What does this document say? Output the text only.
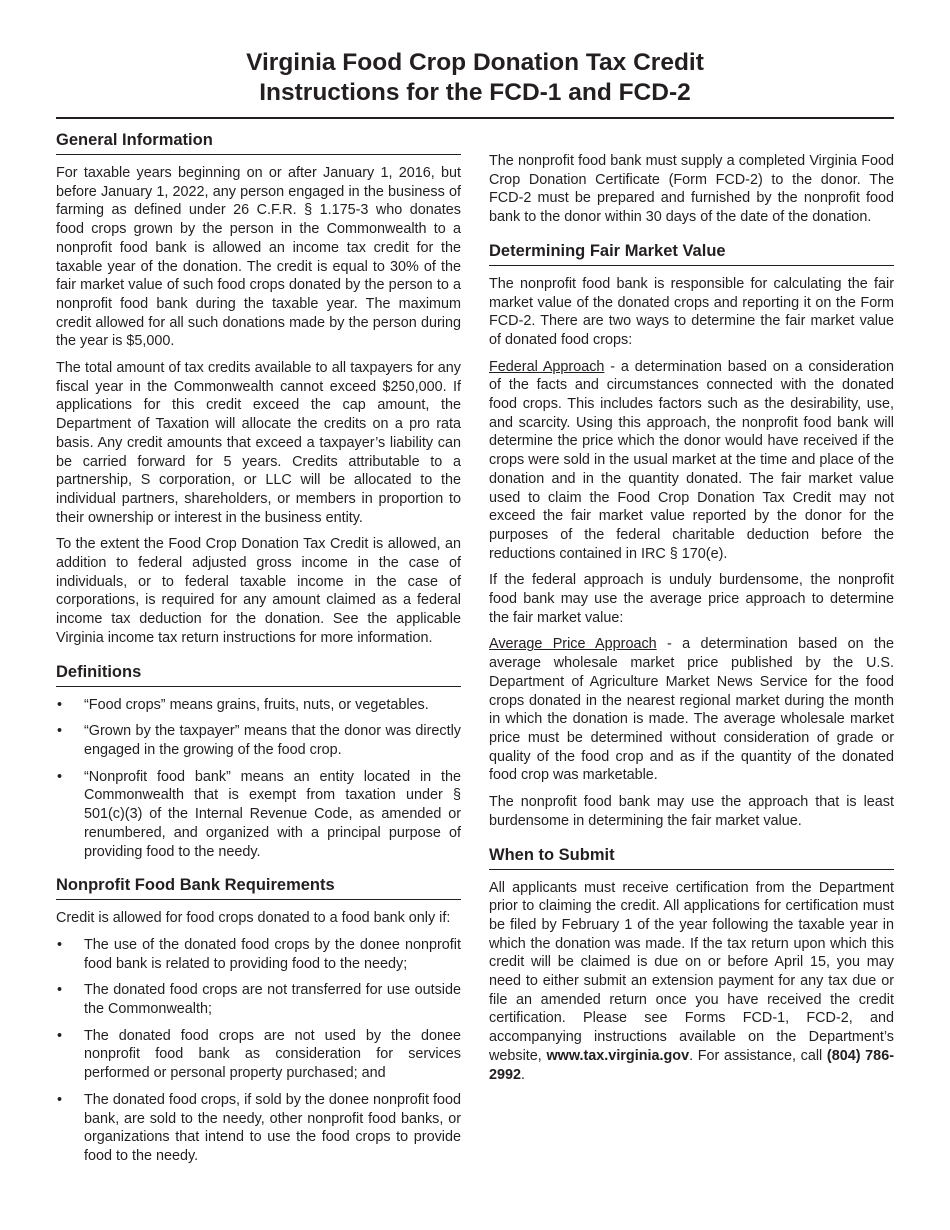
Virginia Food Crop Donation Tax Credit
Instructions for the FCD-1 and FCD-2
General Information

For taxable years beginning on or after January 1, 2016, but before January 1, 2022, any person engaged in the business of farming as defined under 26 C.F.R. § 1.175-3 who donates food crops grown by the person in the Commonwealth to a nonprofit food bank is allowed an income tax credit for the taxable year of the donation. The credit is equal to 30% of the fair market value of such food crops donated by the person to a nonprofit food bank during the taxable year. The maximum credit allowed for all such donations made by the person during the year is $5,000.

The total amount of tax credits available to all taxpayers for any fiscal year in the Commonwealth cannot exceed $250,000. If applications for this credit exceed the cap amount, the Department of Taxation will allocate the credits on a pro rata basis. Any credit amounts that exceed a taxpayer’s liability can be carried forward for 5 years. Credits attributable to a partnership, S corporation, or LLC will be allocated to the individual partners, shareholders, or members in proportion to their ownership or interest in the business entity.

To the extent the Food Crop Donation Tax Credit is allowed, an addition to federal adjusted gross income in the case of individuals, or to federal taxable income in the case of corporations, is required for any amount claimed as a federal income tax deduction for the donation. See the applicable Virginia income tax return instructions for more information.

Definitions
• “Food crops” means grains, fruits, nuts, or vegetables.
• “Grown by the taxpayer” means that the donor was directly engaged in the growing of the food crop.
• “Nonprofit food bank” means an entity located in the Commonwealth that is exempt from taxation under § 501(c)(3) of the Internal Revenue Code, as amended or renumbered, and organized with a principal purpose of providing food to the needy.
Nonprofit Food Bank Requirements

Credit is allowed for food crops donated to a food bank only if:

• The use of the donated food crops by the donee nonprofit food bank is related to providing food to the needy;
• The donated food crops are not transferred for use outside the Commonwealth;
• The donated food crops are not used by the donee nonprofit food bank as consideration for services performed or personal property purchased; and
• The donated food crops, if sold by the donee nonprofit food bank, are sold to the needy, other nonprofit food banks, or organizations that intend to use the food crops to provide food to the needy.

The nonprofit food bank must supply a completed Virginia Food Crop Donation Certificate (Form FCD-2) to the donor. The FCD-2 must be prepared and furnished by the nonprofit food bank to the donor within 30 days of the date of the donation.

Determining Fair Market Value

The nonprofit food bank is responsible for calculating the fair market value of the donated crops and reporting it on the Form FCD-2. There are two ways to determine the fair market value of donated food crops:

Federal Approach - a determination based on a consideration of the facts and circumstances connected with the donated food crops. This includes factors such as the desirability, use, and scarcity. Using this approach, the nonprofit food bank will determine the price which the donor would have received if the crops were sold in the usual market at the time and place of the donation and in the quantity donated. The fair market value used to claim the Food Crop Donation Tax Credit may not exceed the fair market value reported by the donor for the purposes of the federal charitable deduction before the reductions contained in IRC § 170(e).

If the federal approach is unduly burdensome, the nonprofit food bank may use the average price approach to determine the fair market value:

Average Price Approach - a determination based on the average wholesale market price published by the U.S. Department of Agriculture Market News Service for the food crops donated in the nearest regional market during the month in which the donation is made. The average wholesale market price must be determined without consideration of grade or quality of the food crop and as if the quantity of the donated food crop was marketable.

The nonprofit food bank may use the approach that is least burdensome in determining the fair market value.

When to Submit

All applicants must receive certification from the Department prior to claiming the credit. All applications for certification must be filed by February 1 of the year following the taxable year in which the donation was made. If the tax return upon which this credit will be claimed is due on or before April 15, you may need to either submit an extension payment for any tax due or file an amended return once you have received the credit certification. Please see Forms FCD-1, FCD-2, and accompanying instructions available on the Department’s website, www.tax.virginia.gov. For assistance, call (804) 786-2992.
